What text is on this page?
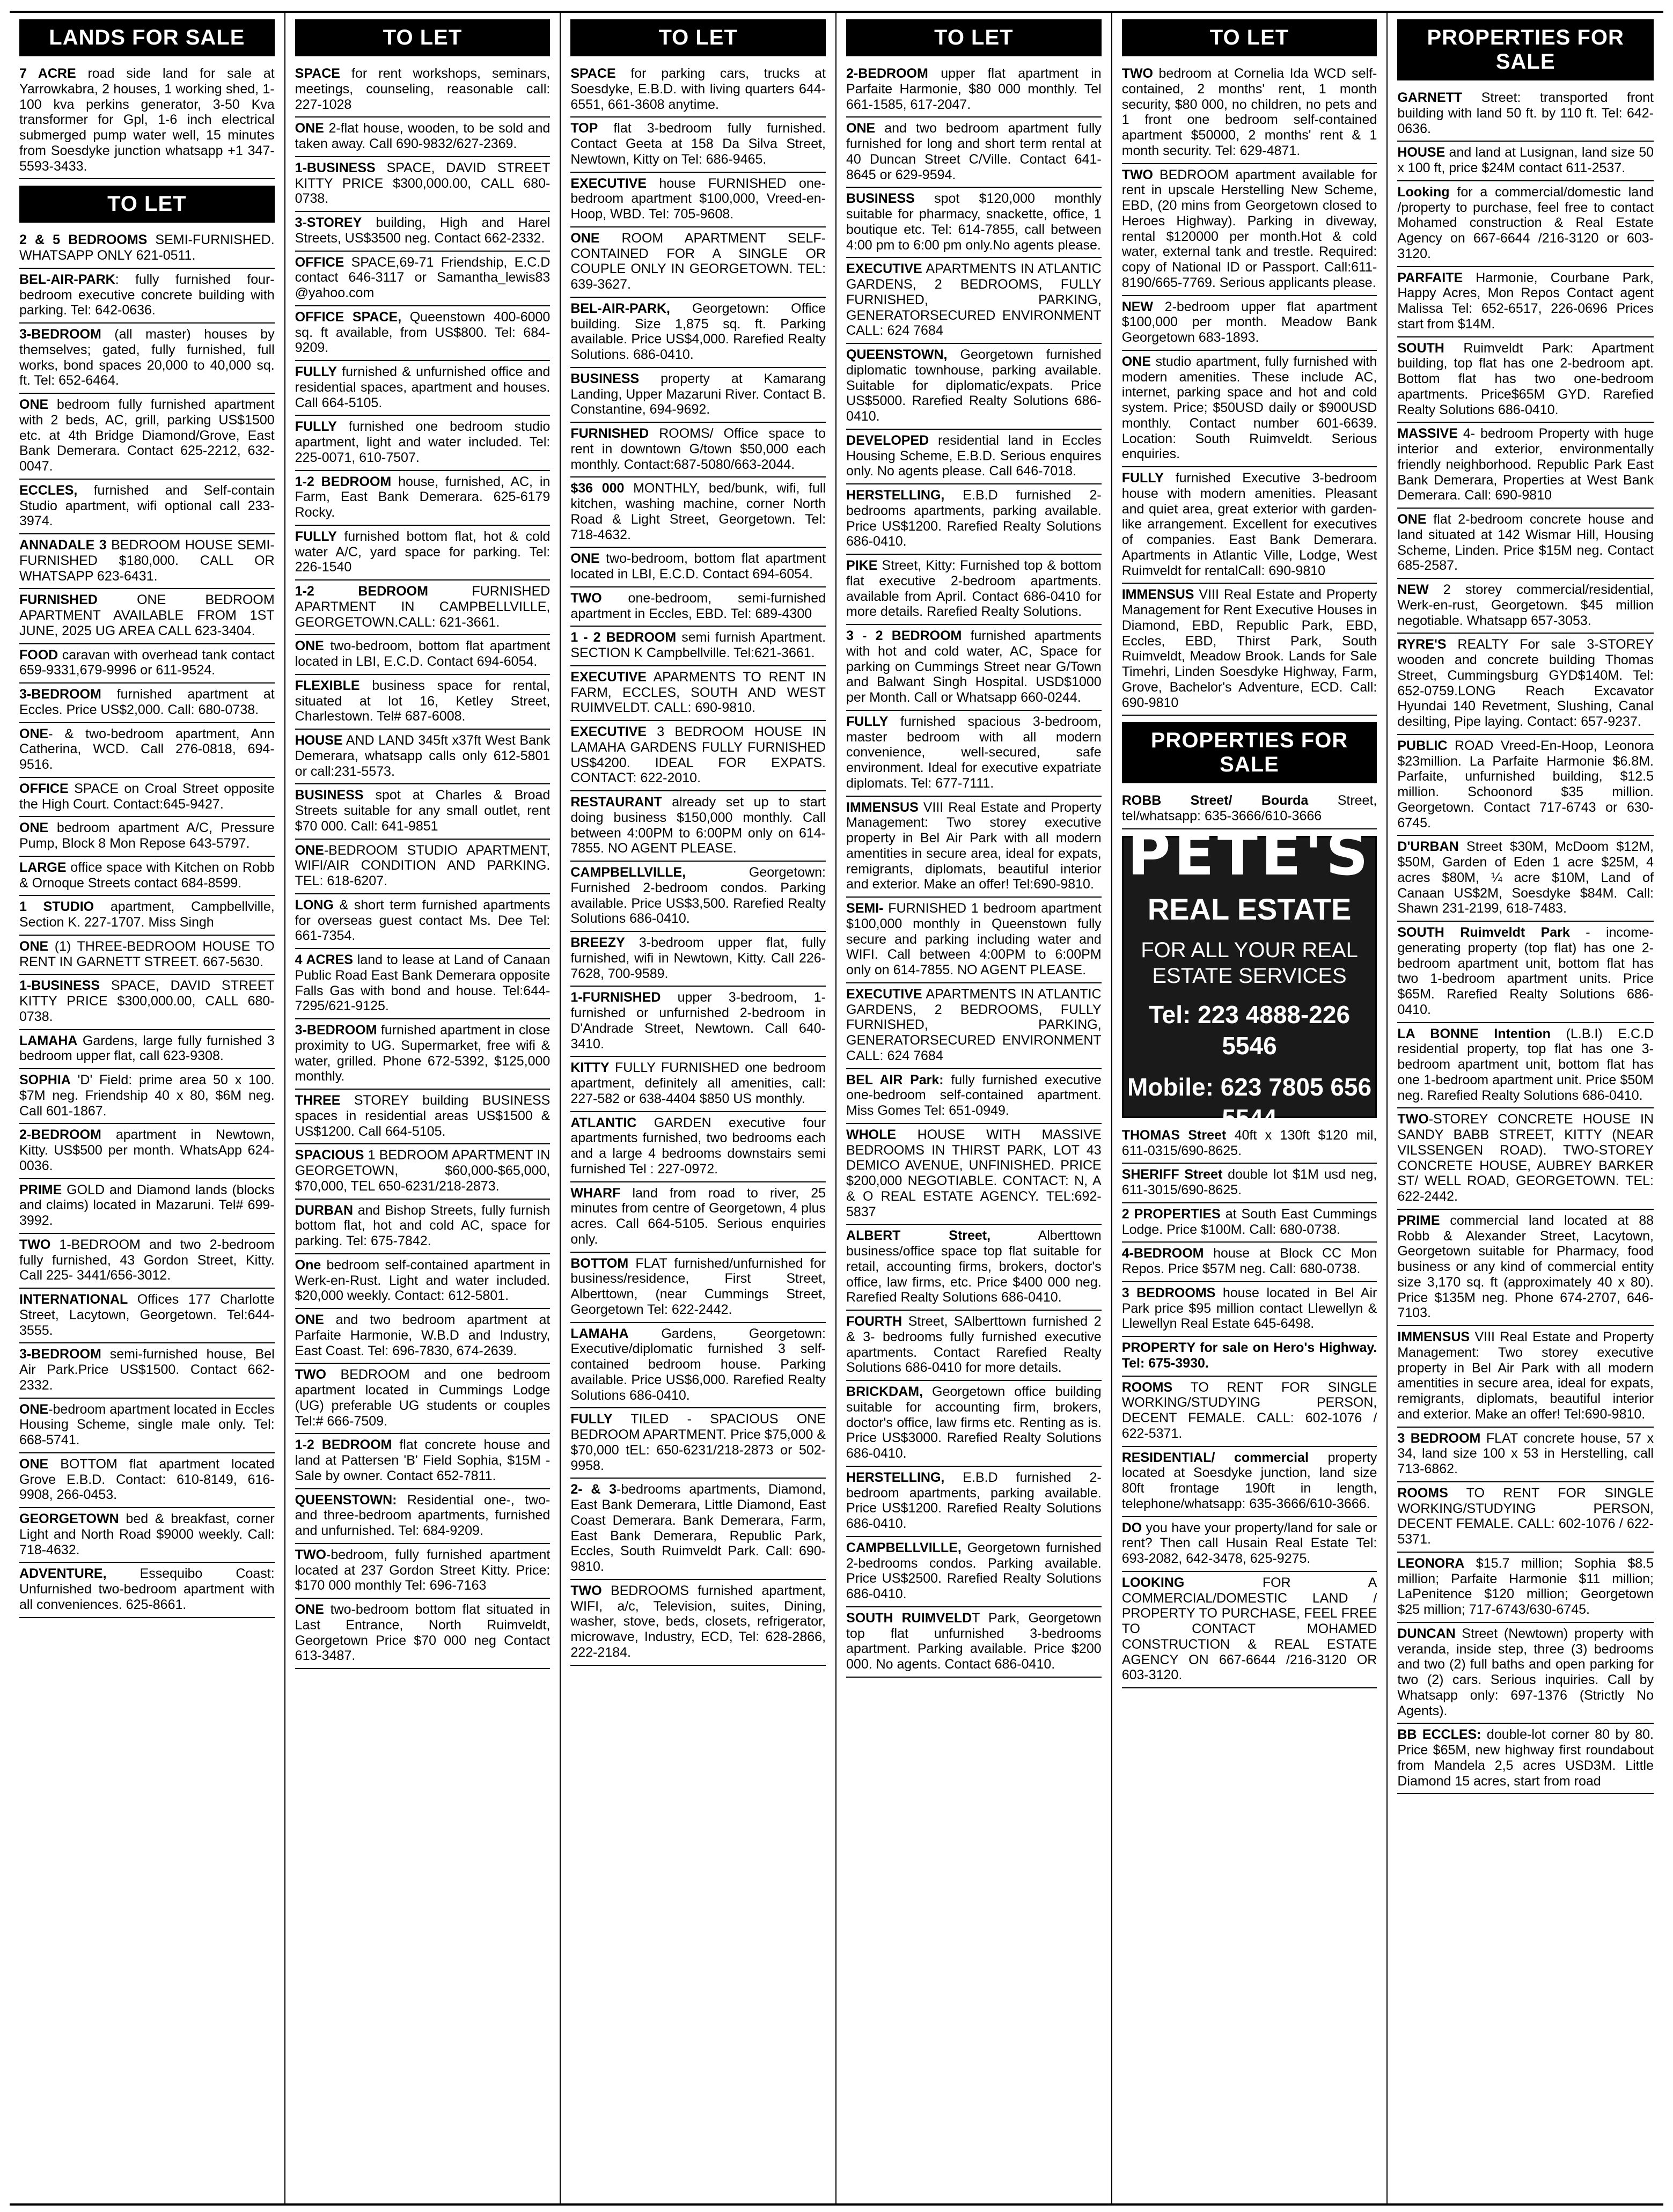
LANDS FOR SALE
7 ACRE road side land for sale at Yarrowkabra, 2 houses, 1 working shed, 1-100 kva perkins generator, 3-50 Kva transformer for Gpl, 1-6 inch electrical submerged pump water well, 15 minutes from Soesdyke junction whatsapp +1 347-5593-3433.
TO LET
2 & 5 BEDROOMS SEMI-FURNISHED. WHATSAPP ONLY 621-0511.
BEL-AIR-PARK: fully furnished four-bedroom executive concrete building with parking. Tel: 642-0636.
3-BEDROOM (all master) houses by themselves; gated, fully furnished, full works, bond spaces 20,000 to 40,000 sq. ft. Tel: 652-6464.
ONE bedroom fully furnished apartment with 2 beds, AC, grill, parking US$1500 etc. at 4th Bridge Diamond/Grove, East Bank Demerara. Contact 625-2212, 632-0047.
ECCLES, furnished and Self-contain Studio apartment, wifi optional call 233-3974.
ANNADALE 3 BEDROOM HOUSE SEMI-FURNISHED $180,000. CALL OR WHATSAPP 623-6431.
FURNISHED ONE BEDROOM APARTMENT AVAILABLE FROM 1ST JUNE, 2025 UG AREA CALL 623-3404.
FOOD caravan with overhead tank contact 659-9331,679-9996 or 611-9524.
3-BEDROOM furnished apartment at Eccles. Price US$2,000. Call: 680-0738.
ONE- & two-bedroom apartment, Ann Catherina, WCD. Call 276-0818, 694-9516.
OFFICE SPACE on Croal Street opposite the High Court. Contact:645-9427.
ONE bedroom apartment A/C, Pressure Pump, Block 8 Mon Repose 643-5797.
LARGE office space with Kitchen on Robb & Ornoque Streets contact 684-8599.
1 STUDIO apartment, Campbellville, Section K. 227-1707. Miss Singh
ONE (1) THREE-BEDROOM HOUSE TO RENT IN GARNETT STREET. 667-5630.
1-BUSINESS SPACE, DAVID STREET KITTY PRICE $300,000.00, CALL 680-0738.
LAMAHA Gardens, large fully furnished 3 bedroom upper flat, call 623-9308.
SOPHIA 'D' Field: prime area 50 x 100. $7M neg. Friendship 40 x 80, $6M neg. Call 601-1867.
2-BEDROOM apartment in Newtown, Kitty. US$500 per month. WhatsApp 624-0036.
PRIME GOLD and Diamond lands (blocks and claims) located in Mazaruni. Tel# 699-3992.
TWO 1-BEDROOM and two 2-bedroom fully furnished, 43 Gordon Street, Kitty. Call 225- 3441/656-3012.
INTERNATIONAL Offices 177 Charlotte Street, Lacytown, Georgetown. Tel:644-3555.
3-BEDROOM semi-furnished house, Bel Air Park.Price US$1500. Contact 662-2332.
ONE-bedroom apartment located in Eccles Housing Scheme, single male only. Tel: 668-5741.
ONE BOTTOM flat apartment located Grove E.B.D. Contact: 610-8149, 616-9908, 266-0453.
GEORGETOWN bed & breakfast, corner Light and North Road $9000 weekly. Call: 718-4632.
ADVENTURE, Essequibo Coast: Unfurnished two-bedroom apartment with all conveniences. 625-8661.
TO LET
SPACE for rent workshops, seminars, meetings, counseling, reasonable call: 227-1028
ONE 2-flat house, wooden, to be sold and taken away. Call 690-9832/627-2369.
1-BUSINESS SPACE, DAVID STREET KITTY PRICE $300,000.00, CALL 680-0738.
3-STOREY building, High and Harel Streets, US$3500 neg. Contact 662-2332.
OFFICE SPACE,69-71 Friendship, E.C.D contact 646-3117 or Samantha_lewis83 @yahoo.com
OFFICE SPACE, Queenstown 400-6000 sq. ft available, from US$800. Tel: 684-9209.
FULLY furnished & unfurnished office and residential spaces, apartment and houses. Call 664-5105.
FULLY furnished one bedroom studio apartment, light and water included. Tel: 225-0071, 610-7507.
1-2 BEDROOM house, furnished, AC, in Farm, East Bank Demerara. 625-6179 Rocky.
FULLY furnished bottom flat, hot & cold water A/C, yard space for parking. Tel: 226-1540
1-2 BEDROOM FURNISHED APARTMENT IN CAMPBELLVILLE, GEORGETOWN.CALL: 621-3661.
ONE two-bedroom, bottom flat apartment located in LBI, E.C.D. Contact 694-6054.
FLEXIBLE business space for rental, situated at lot 16, Ketley Street, Charlestown. Tel# 687-6008.
HOUSE AND LAND 345ft x37ft West Bank Demerara, whatsapp calls only 612-5801 or call:231-5573.
BUSINESS spot at Charles & Broad Streets suitable for any small outlet, rent $70 000. Call: 641-9851
ONE-BEDROOM STUDIO APARTMENT, WIFI/AIR CONDITION AND PARKING. TEL: 618-6207.
LONG & short term furnished apartments for overseas guest contact Ms. Dee Tel: 661-7354.
4 ACRES land to lease at Land of Canaan Public Road East Bank Demerara opposite Falls Gas with bond and house. Tel:644-7295/621-9125.
3-BEDROOM furnished apartment in close proximity to UG. Supermarket, free wifi & water, grilled. Phone 672-5392, $125,000 monthly.
THREE STOREY building BUSINESS spaces in residential areas US$1500 & US$1200. Call 664-5105.
SPACIOUS 1 BEDROOM APARTMENT IN GEORGETOWN, $60,000-$65,000, $70,000, TEL 650-6231/218-2873.
DURBAN and Bishop Streets, fully furnish bottom flat, hot and cold AC, space for parking. Tel: 675-7842.
One bedroom self-contained apartment in Werk-en-Rust. Light and water included. $20,000 weekly. Contact: 612-5801.
ONE and two bedroom apartment at Parfaite Harmonie, W.B.D and Industry, East Coast. Tel: 696-7830, 674-2639.
TWO BEDROOM and one bedroom apartment located in Cummings Lodge (UG) preferable UG students or couples Tel:# 666-7509.
1-2 BEDROOM flat concrete house and land at Pattersen 'B' Field Sophia, $15M - Sale by owner. Contact 652-7811.
QUEENSTOWN: Residential one-, two- and three-bedroom apartments, furnished and unfurnished. Tel: 684-9209.
TWO-bedroom, fully furnished apartment located at 237 Gordon Street Kitty. Price: $170 000 monthly Tel: 696-7163
ONE two-bedroom bottom flat situated in Last Entrance, North Ruimveldt, Georgetown Price $70 000 neg Contact 613-3487.
TO LET
SPACE for parking cars, trucks at Soesdyke, E.B.D. with living quarters 644-6551, 661-3608 anytime.
TOP flat 3-bedroom fully furnished. Contact Geeta at 158 Da Silva Street, Newtown, Kitty on Tel: 686-9465.
EXECUTIVE house FURNISHED one-bedroom apartment $100,000, Vreed-en-Hoop, WBD. Tel: 705-9608.
ONE ROOM APARTMENT SELF-CONTAINED FOR A SINGLE OR COUPLE ONLY IN GEORGETOWN. TEL: 639-3627.
BEL-AIR-PARK, Georgetown: Office building. Size 1,875 sq. ft. Parking available. Price US$4,000. Rarefied Realty Solutions. 686-0410.
BUSINESS property at Kamarang Landing, Upper Mazaruni River. Contact B. Constantine, 694-9692.
FURNISHED ROOMS/ Office space to rent in downtown G/town $50,000 each monthly. Contact:687-5080/663-2044.
$36 000 MONTHLY, bed/bunk, wifi, full kitchen, washing machine, corner North Road & Light Street, Georgetown. Tel: 718-4632.
ONE two-bedroom, bottom flat apartment located in LBI, E.C.D. Contact 694-6054.
TWO one-bedroom, semi-furnished apartment in Eccles, EBD. Tel: 689-4300
1 - 2 BEDROOM semi furnish Apartment. SECTION K Campbellville. Tel:621-3661.
EXECUTIVE APARMENTS TO RENT IN FARM, ECCLES, SOUTH AND WEST RUIMVELDT. CALL: 690-9810.
EXECUTIVE 3 BEDROOM HOUSE IN LAMAHA GARDENS FULLY FURNISHED US$4200. IDEAL FOR EXPATS. CONTACT: 622-2010.
RESTAURANT already set up to start doing business $150,000 monthly. Call between 4:00PM to 6:00PM only on 614-7855. NO AGENT PLEASE.
CAMPBELLVILLE, Georgetown: Furnished 2-bedroom condos. Parking available. Price US$3,500. Rarefied Realty Solutions 686-0410.
BREEZY 3-bedroom upper flat, fully furnished, wifi in Newtown, Kitty. Call 226-7628, 700-9589.
1-FURNISHED upper 3-bedroom, 1-furnished or unfurnished 2-bedroom in D'Andrade Street, Newtown. Call 640-3410.
KITTY FULLY FURNISHED one bedroom apartment, definitely all amenities, call: 227-582 or 638-4404 $850 US monthly.
ATLANTIC GARDEN executive four apartments furnished, two bedrooms each and a large 4 bedrooms downstairs semi furnished Tel : 227-0972.
WHARF land from road to river, 25 minutes from centre of Georgetown, 4 plus acres. Call 664-5105. Serious enquiries only.
BOTTOM FLAT furnished/unfurnished for business/residence, First Street, Alberttown, (near Cummings Street, Georgetown Tel: 622-2442.
LAMAHA Gardens, Georgetown: Executive/diplomatic furnished 3 self-contained bedroom house. Parking available. Price US$6,000. Rarefied Realty Solutions 686-0410.
FULLY TILED - SPACIOUS ONE BEDROOM APARTMENT. Price $75,000 & $70,000 tEL: 650-6231/218-2873 or 502-9958.
2- & 3-bedrooms apartments, Diamond, East Bank Demerara, Little Diamond, East Coast Demerara. Bank Demerara, Farm, East Bank Demerara, Republic Park, Eccles, South Ruimveldt Park. Call: 690-9810.
TWO BEDROOMS furnished apartment, WIFI, a/c, Television, suites, Dining, washer, stove, beds, closets, refrigerator, microwave, Industry, ECD, Tel: 628-2866, 222-2184.
TO LET
2-BEDROOM upper flat apartment in Parfaite Harmonie, $80 000 monthly. Tel 661-1585, 617-2047.
ONE and two bedroom apartment fully furnished for long and short term rental at 40 Duncan Street C/Ville. Contact 641-8645 or 629-9594.
BUSINESS spot $120,000 monthly suitable for pharmacy, snackette, office, 1 boutique etc. Tel: 614-7855, call between 4:00 pm to 6:00 pm only.No agents please.
EXECUTIVE APARTMENTS IN ATLANTIC GARDENS, 2 BEDROOMS, FULLY FURNISHED, PARKING, GENERATORSECURED ENVIRONMENT CALL: 624 7684
QUEENSTOWN, Georgetown furnished diplomatic townhouse, parking available. Suitable for diplomatic/expats. Price US$5000. Rarefied Realty Solutions 686-0410.
DEVELOPED residential land in Eccles Housing Scheme, E.B.D. Serious enquires only. No agents please. Call 646-7018.
HERSTELLING, E.B.D furnished 2-bedrooms apartments, parking available. Price US$1200. Rarefied Realty Solutions 686-0410.
PIKE Street, Kitty: Furnished top & bottom flat executive 2-bedroom apartments. available from April. Contact 686-0410 for more details. Rarefied Realty Solutions.
3 - 2 BEDROOM furnished apartments with hot and cold water, AC, Space for parking on Cummings Street near G/Town and Balwant Singh Hospital. USD$1000 per Month. Call or Whatsapp 660-0244.
FULLY furnished spacious 3-bedroom, master bedroom with all modern convenience, well-secured, safe environment. Ideal for executive expatriate diplomats. Tel: 677-7111.
IMMENSUS VIII Real Estate and Property Management: Two storey executive property in Bel Air Park with all modern amentities in secure area, ideal for expats, remigrants, diplomats, beautiful interior and exterior. Make an offer! Tel:690-9810.
SEMI- FURNISHED 1 bedroom apartment $100,000 monthly in Queenstown fully secure and parking including water and WIFI. Call between 4:00PM to 6:00PM only on 614-7855. NO AGENT PLEASE.
EXECUTIVE APARTMENTS IN ATLANTIC GARDENS, 2 BEDROOMS, FULLY FURNISHED, PARKING, GENERATORSECURED ENVIRONMENT CALL: 624 7684
BEL AIR Park: fully furnished executive one-bedroom self-contained apartment. Miss Gomes Tel: 651-0949.
WHOLE HOUSE WITH MASSIVE BEDROOMS IN THIRST PARK, LOT 43 DEMICO AVENUE, UNFINISHED. PRICE $200,000 NEGOTIABLE. CONTACT: N, A & O REAL ESTATE AGENCY. TEL:692-5837
ALBERT Street, Alberttown business/office space top flat suitable for retail, accounting firms, brokers, doctor's office, law firms, etc. Price $400 000 neg. Rarefied Realty Solutions 686-0410.
FOURTH Street, SAlberttown furnished 2 & 3- bedrooms fully furnished executive apartments. Contact Rarefied Realty Solutions 686-0410 for more details.
BRICKDAM, Georgetown office building suitable for accounting firm, brokers, doctor's office, law firms etc. Renting as is. Price US$3000. Rarefied Realty Solutions 686-0410.
HERSTELLING, E.B.D furnished 2-bedroom apartments, parking available. Price US$1200. Rarefied Realty Solutions 686-0410.
CAMPBELLVILLE, Georgetown furnished 2-bedrooms condos. Parking available. Price US$2500. Rarefied Realty Solutions 686-0410.
SOUTH RUIMVELDT Park, Georgetown top flat unfurnished 3-bedrooms apartment. Parking available. Price $200 000. No agents. Contact 686-0410.
TO LET
TWO bedroom at Cornelia Ida WCD self-contained, 2 months' rent, 1 month security, $80 000, no children, no pets and 1 front one bedroom self-contained apartment $50000, 2 months' rent & 1 month security. Tel: 629-4871.
TWO BEDROOM apartment available for rent in upscale Herstelling New Scheme, EBD, (20 mins from Georgetown closed to Heroes Highway). Parking in diveway, rental $120000 per month.Hot & cold water, external tank and trestle. Required: copy of National ID or Passport. Call:611-8190/665-7769. Serious applicants please.
NEW 2-bedroom upper flat apartment $100,000 per month. Meadow Bank Georgetown 683-1893.
ONE studio apartment, fully furnished with modern amenities. These include AC, internet, parking space and hot and cold system. Price; $50USD daily or $900USD monthly. Contact number 601-6639. Location: South Ruimveldt. Serious enquiries.
FULLY furnished Executive 3-bedroom house with modern amenities. Pleasant and quiet area, great exterior with garden- like arrangement. Excellent for executives of companies. East Bank Demerara. Apartments in Atlantic Ville, Lodge, West Ruimveldt for rentalCall: 690-9810
IMMENSUS VIII Real Estate and Property Management for Rent Executive Houses in Diamond, EBD, Republic Park, EBD, Eccles, EBD, Thirst Park, South Ruimveldt, Meadow Brook. Lands for Sale Timehri, Linden Soesdyke Highway, Farm, Grove, Bachelor's Adventure, ECD. Call: 690-9810
PROPERTIES FOR SALE
ROBB Street/ Bourda Street, tel/whatsapp: 635-3666/610-3666
PETE'S
REAL ESTATE
FOR ALL YOUR REAL ESTATE SERVICES
Tel: 223 4888-226 5546
Mobile: 623 7805 656 5544
THOMAS Street 40ft x 130ft $120 mil, 611-0315/690-8625.
SHERIFF Street double lot $1M usd neg, 611-3015/690-8625.
2 PROPERTIES at South East Cummings Lodge. Price $100M. Call: 680-0738.
4-BEDROOM house at Block CC Mon Repos. Price $57M neg. Call: 680-0738.
3 BEDROOMS house located in Bel Air Park price $95 million contact Llewellyn & Llewellyn Real Estate 645-6498.
PROPERTY for sale on Hero's Highway. Tel: 675-3930.
ROOMS TO RENT FOR SINGLE WORKING/STUDYING PERSON, DECENT FEMALE. CALL: 602-1076 / 622-5371.
RESIDENTIAL/ commercial property located at Soesdyke junction, land size 80ft frontage 190ft in length, telephone/whatsapp: 635-3666/610-3666.
DO you have your property/land for sale or rent? Then call Husain Real Estate Tel: 693-2082, 642-3478, 625-9275.
LOOKING FOR A COMMERCIAL/DOMESTIC LAND / PROPERTY TO PURCHASE, FEEL FREE TO CONTACT MOHAMED CONSTRUCTION & REAL ESTATE AGENCY ON 667-6644 /216-3120 OR 603-3120.
PROPERTIES FOR SALE
GARNETT Street: transported front building with land 50 ft. by 110 ft. Tel: 642-0636.
HOUSE and land at Lusignan, land size 50 x 100 ft, price $24M contact 611-2537.
Looking for a commercial/domestic land /property to purchase, feel free to contact Mohamed construction & Real Estate Agency on 667-6644 /216-3120 or 603-3120.
PARFAITE Harmonie, Courbane Park, Happy Acres, Mon Repos Contact agent Malissa Tel: 652-6517, 226-0696 Prices start from $14M.
SOUTH Ruimveldt Park: Apartment building, top flat has one 2-bedroom apt. Bottom flat has two one-bedroom apartments. Price$65M GYD. Rarefied Realty Solutions 686-0410.
MASSIVE 4- bedroom Property with huge interior and exterior, environmentally friendly neighborhood. Republic Park East Bank Demerara, Properties at West Bank Demerara. Call: 690-9810
ONE flat 2-bedroom concrete house and land situated at 142 Wismar Hill, Housing Scheme, Linden. Price $15M neg. Contact 685-2587.
NEW 2 storey commercial/residential, Werk-en-rust, Georgetown. $45 million negotiable. Whatsapp 657-3053.
RYRE'S REALTY For sale 3-STOREY wooden and concrete building Thomas Street, Cummingsburg GYD$140M. Tel: 652-0759.LONG Reach Excavator Hyundai 140 Revetment, Slushing, Canal desilting, Pipe laying. Contact: 657-9237.
PUBLIC ROAD Vreed-En-Hoop, Leonora $23million. La Parfaite Harmonie $6.8M. Parfaite, unfurnished building, $12.5 million. Schoonord $35 million. Georgetown. Contact 717-6743 or 630-6745.
D'URBAN Street $30M, McDoom $12M, $50M, Garden of Eden 1 acre $25M, 4 acres $80M, ¼ acre $10M, Land of Canaan US$2M, Soesdyke $84M. Call: Shawn 231-2199, 618-7483.
SOUTH Ruimveldt Park - income-generating property (top flat) has one 2-bedroom apartment unit, bottom flat has two 1-bedroom apartment units. Price $65M. Rarefied Realty Solutions 686-0410.
LA BONNE Intention (L.B.I) E.C.D residential property, top flat has one 3-bedroom apartment unit, bottom flat has one 1-bedroom apartment unit. Price $50M neg. Rarefied Realty Solutions 686-0410.
TWO-STOREY CONCRETE HOUSE IN SANDY BABB STREET, KITTY (NEAR VILSSENGEN ROAD). TWO-STOREY CONCRETE HOUSE, AUBREY BARKER ST/ WELL ROAD, GEORGETOWN. TEL: 622-2442.
PRIME commercial land located at 88 Robb & Alexander Street, Lacytown, Georgetown suitable for Pharmacy, food business or any kind of commercial entity size 3,170 sq. ft (approximately 40 x 80). Price $135M neg. Phone 674-2707, 646-7103.
IMMENSUS VIII Real Estate and Property Management: Two storey executive property in Bel Air Park with all modern amentities in secure area, ideal for expats, remigrants, diplomats, beautiful interior and exterior. Make an offer! Tel:690-9810.
3 BEDROOM FLAT concrete house, 57 x 34, land size 100 x 53 in Herstelling, call 713-6862.
ROOMS TO RENT FOR SINGLE WORKING/STUDYING PERSON, DECENT FEMALE. CALL: 602-1076 / 622-5371.
LEONORA $15.7 million; Sophia $8.5 million; Parfaite Harmonie $11 million; LaPenitence $120 million; Georgetown $25 million; 717-6743/630-6745.
DUNCAN Street (Newtown) property with veranda, inside step, three (3) bedrooms and two (2) full baths and open parking for two (2) cars. Serious inquiries. Call by Whatsapp only: 697-1376 (Strictly No Agents).
BB ECCLES: double-lot corner 80 by 80. Price $65M, new highway first roundabout from Mandela 2,5 acres USD3M. Little Diamond 15 acres, start from road
